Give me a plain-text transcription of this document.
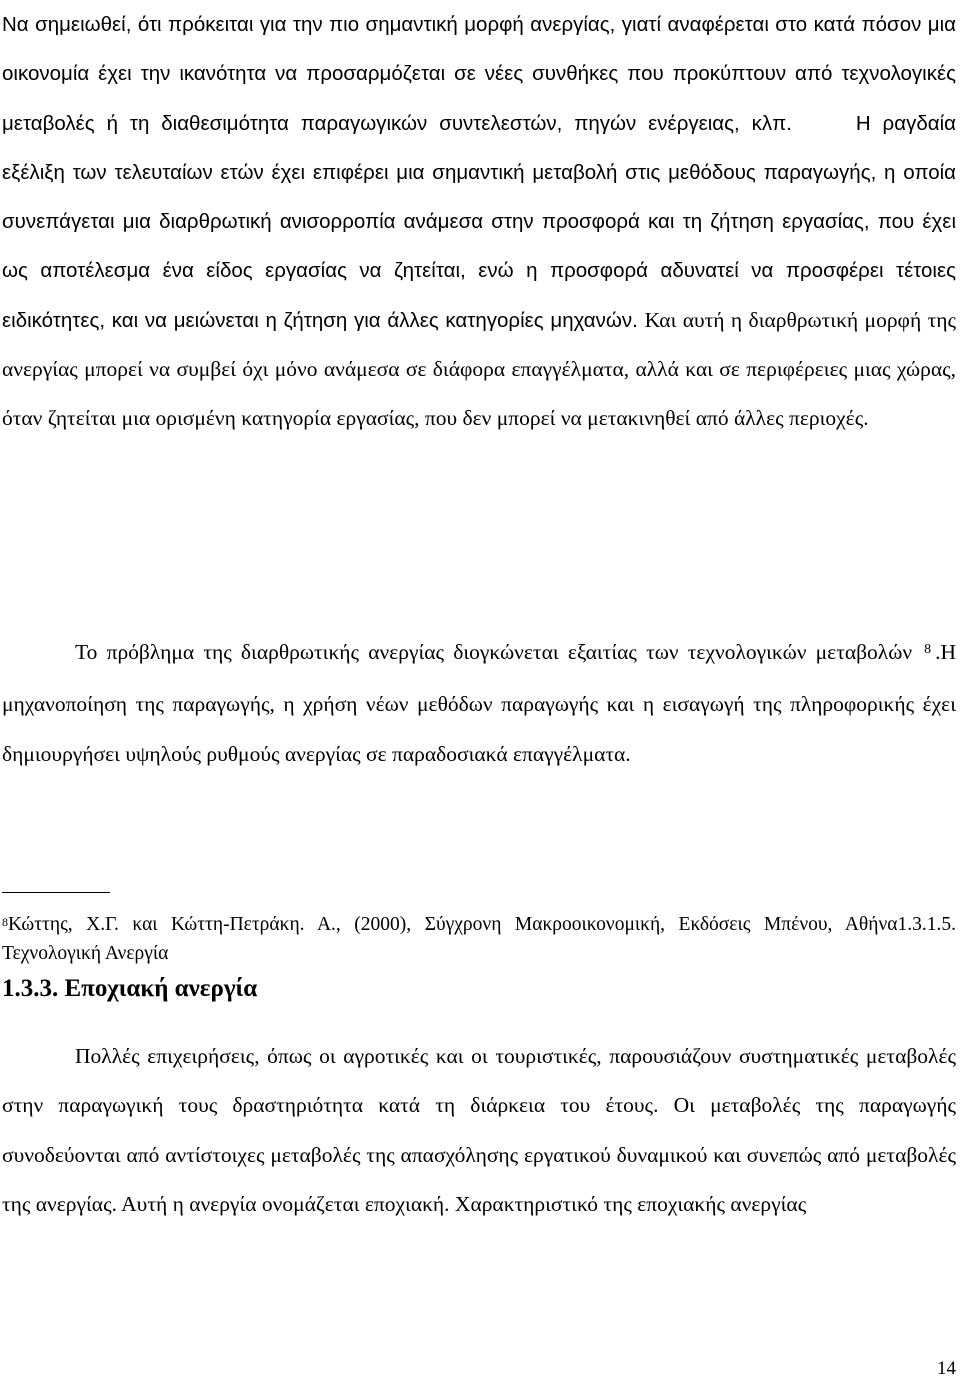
Να σημειωθεί, ότι πρόκειται για την πιο σημαντική μορφή ανεργίας, γιατί αναφέρεται στο κατά πόσον μια οικονομία έχει την ικανότητα να προσαρμόζεται σε νέες συνθήκες που προκύπτουν από τεχνολογικές μεταβολές ή τη διαθεσιμότητα παραγωγικών συντελεστών, πηγών ενέργειας, κλπ.	Η ραγδαία εξέλιξη των τελευταίων ετών έχει επιφέρει μια σημαντική μεταβολή στις μεθόδους παραγωγής, η οποία συνεπάγεται μια διαρθρωτική ανισορροπία ανάμεσα στην προσφορά και τη ζήτηση εργασίας, που έχει ως αποτέλεσμα ένα είδος εργασίας να ζητείται, ενώ η προσφορά αδυνατεί να προσφέρει τέτοιες ειδικότητες, και να μειώνεται η ζήτηση για άλλες κατηγορίες μηχανών. Και αυτή η διαρθρωτική μορφή της ανεργίας μπορεί να συμβεί όχι μόνο ανάμεσα σε διάφορα επαγγέλματα, αλλά και σε περιφέρειες μιας χώρας, όταν ζητείται μια ορισμένη κατηγορία εργασίας, που δεν μπορεί να μετακινηθεί από άλλες περιοχές.

Το πρόβλημα της διαρθρωτικής ανεργίας διογκώνεται εξαιτίας των τεχνολογικών μεταβολών $^8$ .Η μηχανοποίηση της παραγωγής, η χρήση νέων μεθόδων παραγωγής και η εισαγωγή της πληροφορικής έχει δημιουργήσει υψηλούς ρυθμούς ανεργίας σε παραδοσιακά επαγγέλματα.

$^8$Κώττης, Χ.Γ. και Κώττη-Πετράκη. Α., (2000), Σύγχρονη Μακροοικονομική, Εκδόσεις Μπένου, Αθήνα1.3.1.5. Τεχνολογική Ανεργία

1.3.3. Εποχιακή ανεργία

Πολλές επιχειρήσεις, όπως οι αγροτικές και οι τουριστικές, παρουσιάζουν συστηματικές μεταβολές στην παραγωγική τους δραστηριότητα κατά τη διάρκεια του έτους. Οι μεταβολές της παραγωγής συνοδεύονται από αντίστοιχες μεταβολές της απασχόλησης εργατικού δυναμικού και συνεπώς από μεταβολές της ανεργίας. Αυτή η ανεργία ονομάζεται εποχιακή. Χαρακτηριστικό της εποχιακής ανεργίας

14
